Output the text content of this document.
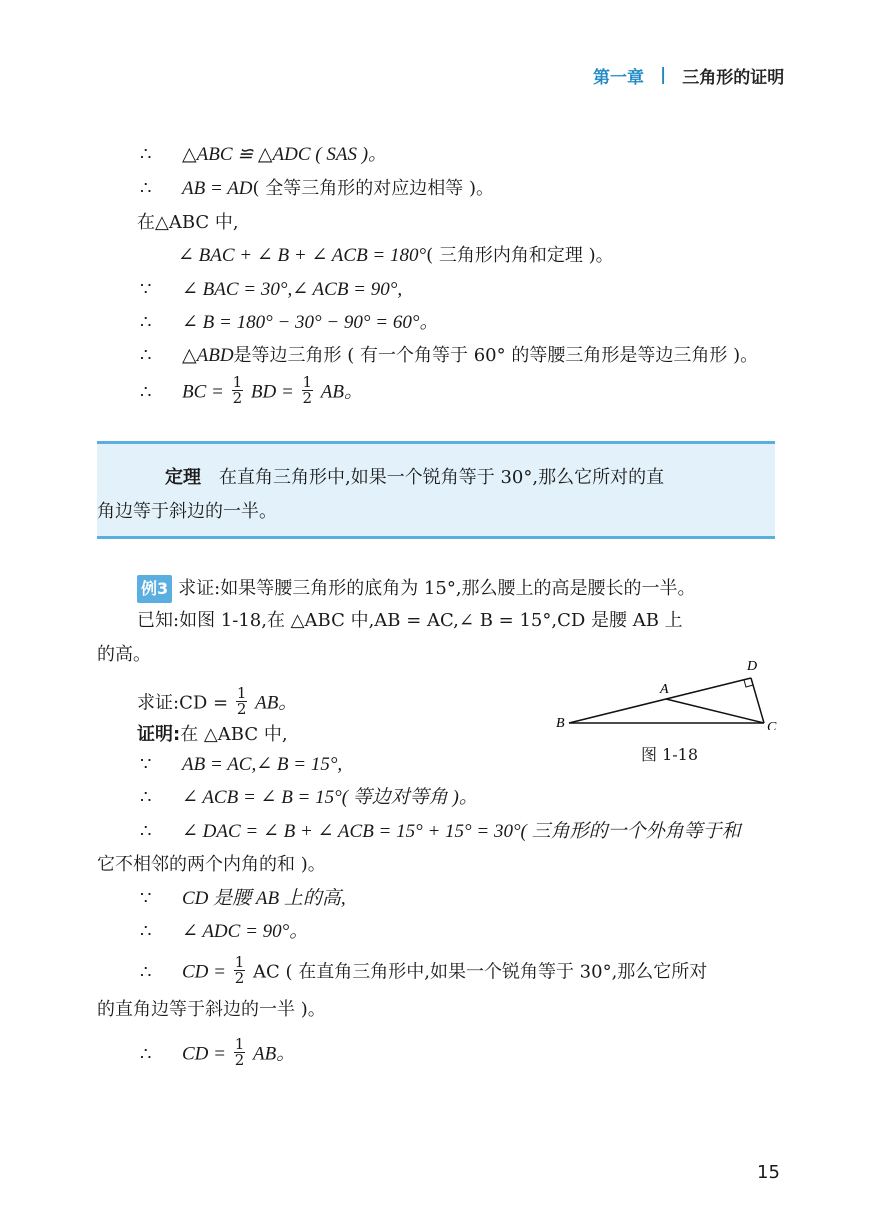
第一章 | 三角形的证明
∴ △ABC ≌ △ADC ( SAS )。
∴ AB = AD( 全等三角形的对应边相等 )。
在△ABC 中,
∠ BAC + ∠ B + ∠ ACB = 180°( 三角形内角和定理 )。
∵ ∠ BAC = 30°,∠ ACB = 90°,
∴ ∠ B = 180° − 30° − 90° = 60°。
∴ △ABD是等边三角形 ( 有一个角等于 60° 的等腰三角形是等边三角形 )。
∴ BC = $\frac{1}{2}$ BD = $\frac{1}{2}$ AB。
定理 在直角三角形中,如果一个锐角等于 30°,那么它所对的直
角边等于斜边的一半。
例3 求证:如果等腰三角形的底角为 15°,那么腰上的高是腰长的一半。
已知:如图 1-18,在 △ABC 中,AB = AC,∠ B = 15°,CD 是腰 AB 上
的高。
求证:CD = $\frac{1}{2}$ AB。
证明:在 △ABC 中,
∵ AB = AC,∠ B = 15°,
∴ ∠ ACB = ∠ B = 15°( 等边对等角 )。
∴ ∠ DAC = ∠ B + ∠ ACB = 15° + 15° = 30°( 三角形的一个外角等于和
它不相邻的两个内角的和 )。
∵ CD 是腰 AB 上的高,
∴ ∠ ADC = 90°。
∴ CD = $\frac{1}{2}$ AC ( 在直角三角形中,如果一个锐角等于 30°,那么它所对
的直角边等于斜边的一半 )。
∴ CD = $\frac{1}{2}$ AB。
B
A
C
D
图 1-18
15
